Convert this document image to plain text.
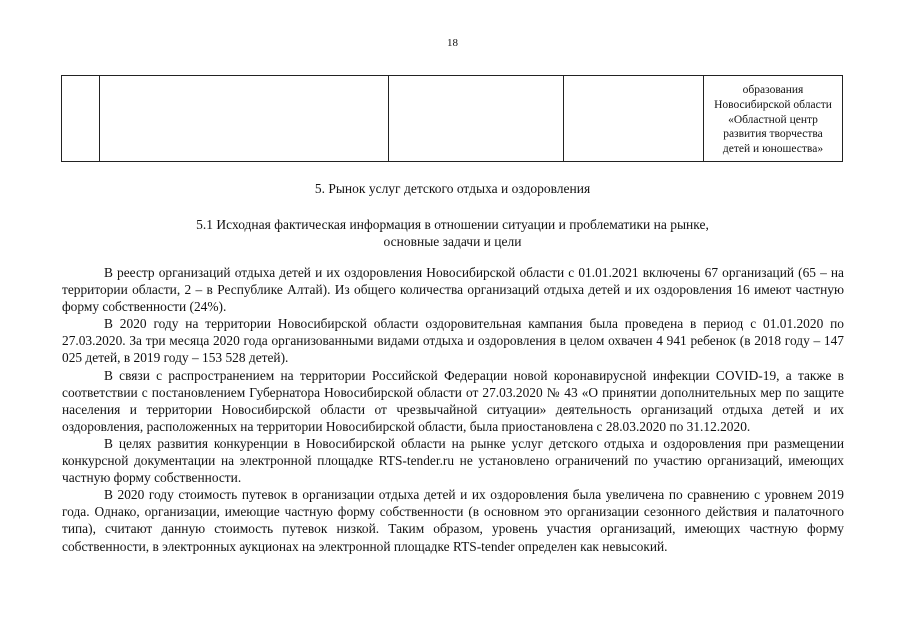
18
				образования
Новосибирской области
«Областной центр
развития творчества
детей и юношества»
5. Рынок услуг детского отдыха и оздоровления
5.1 Исходная фактическая информация в отношении ситуации и проблематики на рынке,
основные задачи и цели

В реестр организаций отдыха детей и их оздоровления Новосибирской области с 01.01.2021 включены 67 организаций (65 – на территории области, 2 – в Республике Алтай). Из общего количества организаций отдыха детей и их оздоровления 16 имеют частную форму собственности (24%).

В 2020 году на территории Новосибирской области оздоровительная кампания была проведена в период с 01.01.2020 по 27.03.2020. За три месяца 2020 года организованными видами отдыха и оздоровления в целом охвачен 4 941 ребенок (в 2018 году – 147 025 детей, в 2019 году – 153 528 детей).

В связи с распространением на территории Российской Федерации новой коронавирусной инфекции COVID-19, а также в соответствии с постановлением Губернатора Новосибирской области от 27.03.2020 № 43 «О принятии дополнительных мер по защите населения и территории Новосибирской области от чрезвычайной ситуации» деятельность организаций отдыха детей и их оздоровления, расположенных на территории Новосибирской области, была приостановлена с 28.03.2020 по 31.12.2020.

В целях развития конкуренции в Новосибирской области на рынке услуг детского отдыха и оздоровления при размещении конкурсной документации на электронной площадке RTS-tender.ru не установлено ограничений по участию организаций, имеющих частную форму собственности.

В 2020 году стоимость путевок в организации отдыха детей и их оздоровления была увеличена по сравнению с уровнем 2019 года. Однако, организации, имеющие частную форму собственности (в основном это организации сезонного действия и палаточного типа), считают данную стоимость путевок низкой. Таким образом, уровень участия организаций, имеющих частную форму собственности, в электронных аукционах на электронной площадке RTS-tender определен как невысокий.
